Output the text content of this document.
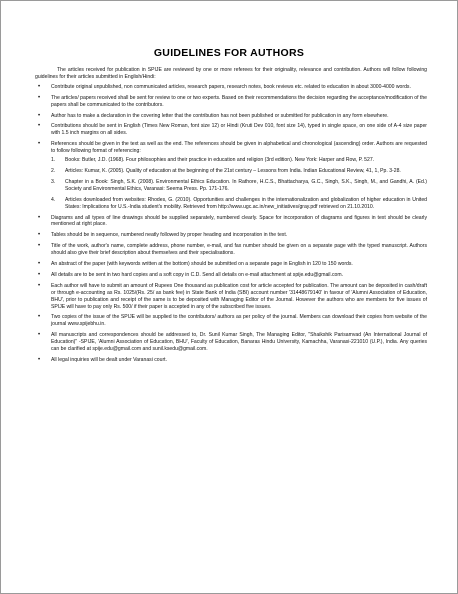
GUIDELINES FOR AUTHORS

The articles received for publication in SPIJE are reviewed by one or more referees for their originality, relevance and contribution. Authors will follow following guidelines for their articles submitted in English/Hindi:

• Contribute original unpublished, non communicated articles, research papers, research notes, book reviews etc. related to education in about 3000-4000 words.
• The articles/ papers received shall be sent for review to one or two experts. Based on their recommendations the decision regarding the acceptance/modification of the papers shall be communicated to the contributors.
• Author has to make a declaration in the covering letter that the contribution has not been published or submitted for publication in any form elsewhere.
• Contributions should be sent in English (Times New Roman, font size 12) or Hindi (Kruti Dev 010, font size 14), typed in single space, on one side of A-4 size paper with 1.5 inch margins on all sides.
• References should be given in the text as well as the end. The references should be given in alphabetical and chronological (ascending) order. Authors are requested to follow following format of referencing:
1. Books: Butler, J.D. (1968). Four philosophies and their practice in education and religion (3rd edition). New York: Harper and Row, P. 527.
2. Articles: Kumar, K. (2005). Quality of education at the beginning of the 21st century – Lessons from India. Indian Educational Review, 41, 1, Pp. 3-28.
3. Chapter in a Book: Singh, S.K. (2008). Environmental Ethics Education. In Rathore, H.C.S., Bhattacharya, G.C., Singh, S.K., Singh, M., and Gandhi, A. (Ed.) Society and Environmental Ethics, Varanasi: Seema Press. Pp. 171-176.
4. Articles downloaded from websites: Rhodes, G. (2010). Opportunities and challenges in the internationalization and globalization of higher education in United States: Implications for U.S.-India student's mobility. Retrieved from http://www.ugc.ac.in/new_initiatives/gray.pdf retrieved on 21.10.2010.
• Diagrams and all types of line drawings should be supplied separately, numbered clearly. Space for incorporation of diagrams and figures in text should be clearly mentioned at right place.
• Tables should be in sequence, numbered neatly followed by proper heading and incorporation in the text.
• Title of the work, author's name, complete address, phone number, e-mail, and fax number should be given on a separate page with the typed manuscript. Authors should also give their brief description about themselves and their specialisations.
• An abstract of the paper (with keywords written at the bottom) should be submitted on a separate page in English in 120 to 150 words.
• All details are to be sent in two hard copies and a soft copy in C.D. Send all details on e-mail attachment at spije.edu@gmail.com.
• Each author will have to submit an amount of Rupees One thousand as publication cost for article accepted for publication. The amount can be deposited in cash/draft or through e-accounting as Rs. 1025/(Rs. 25/ as bank fee) in State Bank of India (SBI) account number '31448679140' in favour of 'Alumni Association of Education, BHU', prior to publication and receipt of the same is to be deposited with Managing Editor of the Journal. However the authors who are members for five issues of SPIJE will have to pay only Rs. 500/ if their paper is accepted in any of the subscribed five issues.
• Two copies of the issue of the SPIJE will be supplied to the contributors/ authors as per policy of the journal. Members can download their copies from website of the journal www.spijebhu.in.
• All manuscripts and correspondences should be addressed to, Dr. Sunil Kumar Singh, The Managing Editor, "Shaikshik Parisamvad (An International Journal of Education)" -SPIJE, 'Alumni Association of Education, BHU', Faculty of Education, Banaras Hindu University, Kamachha, Varanasi-221010 (U.P.), India. Any queries can be clarified at spije.edu@gmail.com and sunil.ksedu@gmail.com.
• All legal inquiries will be dealt under Varanasi court.
